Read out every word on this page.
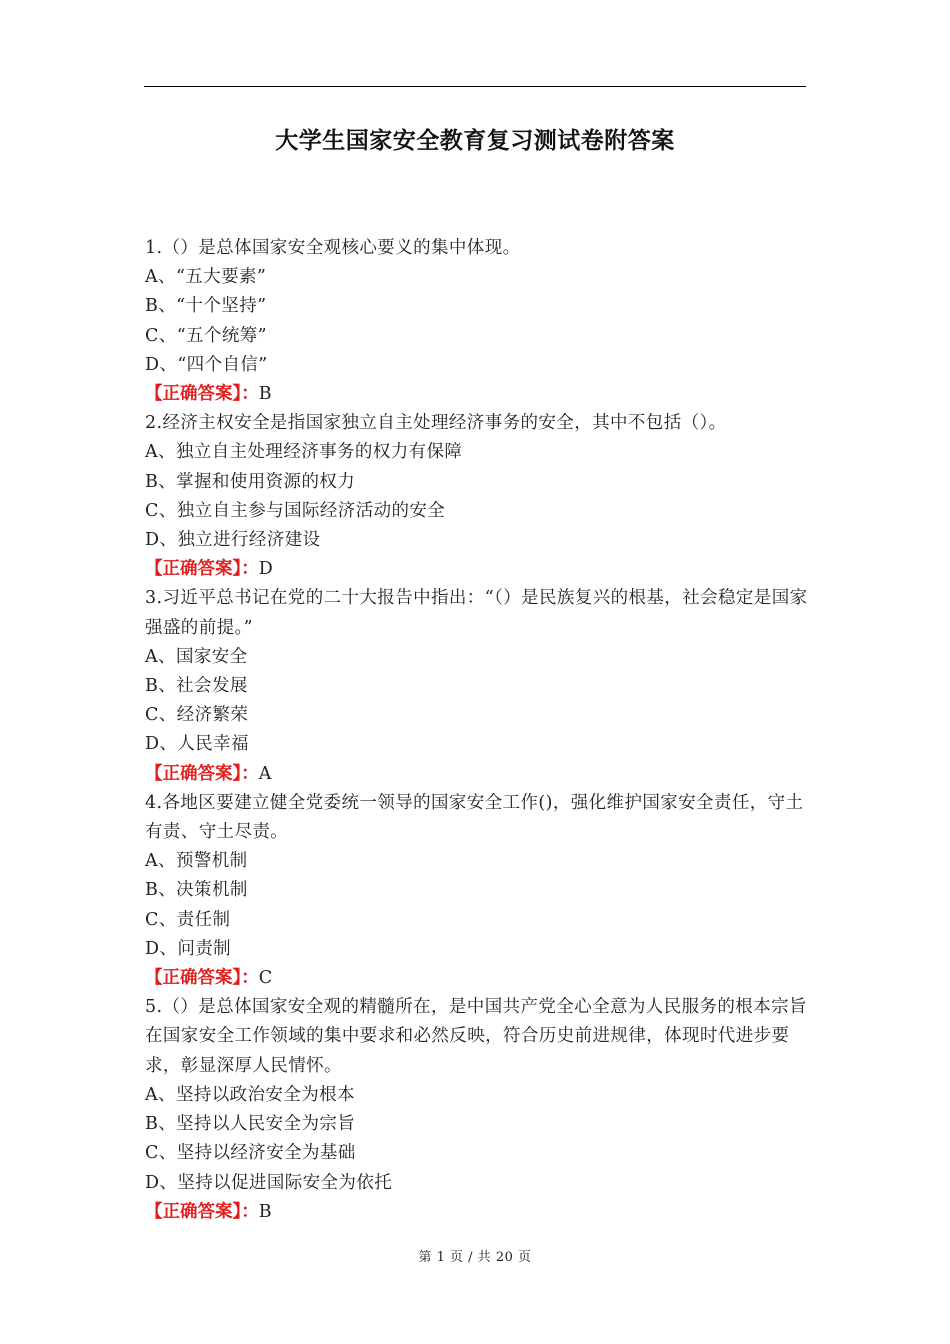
大学生国家安全教育复习测试卷附答案

1.（）是总体国家安全观核心要义的集中体现。

A、“五大要素”

B、“十个坚持”

C、“五个统筹”

D、“四个自信”

【正确答案】：B

2.经济主权安全是指国家独立自主处理经济事务的安全，其中不包括（）。

A、独立自主处理经济事务的权力有保障

B、掌握和使用资源的权力

C、独立自主参与国际经济活动的安全

D、独立进行经济建设

【正确答案】：D

3.习近平总书记在党的二十大报告中指出：“（）是民族复兴的根基，社会稳定是国家强盛的前提。”

A、国家安全

B、社会发展

C、经济繁荣

D、人民幸福

【正确答案】：A

4.各地区要建立健全党委统一领导的国家安全工作()，强化维护国家安全责任，守土有责、守土尽责。

A、预警机制

B、决策机制

C、责任制

D、问责制

【正确答案】：C

5.（）是总体国家安全观的精髓所在，是中国共产党全心全意为人民服务的根本宗旨在国家安全工作领域的集中要求和必然反映，符合历史前进规律，体现时代进步要求，彰显深厚人民情怀。

A、坚持以政治安全为根本

B、坚持以人民安全为宗旨

C、坚持以经济安全为基础

D、坚持以促进国际安全为依托

【正确答案】：B

第 1 页 / 共 20 页
